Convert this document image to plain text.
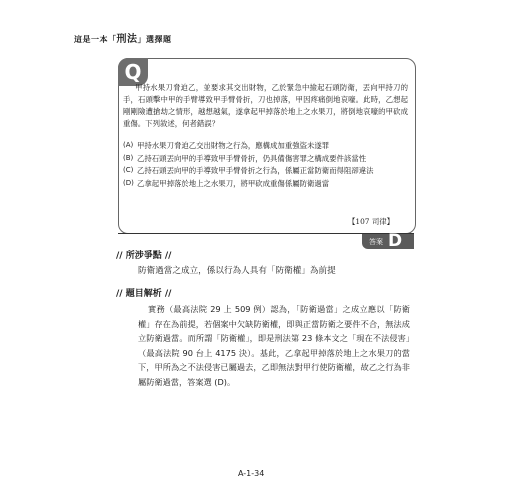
這是一本「刑法」選擇題
Q
甲持水果刀脅迫乙，並要求其交出財物，乙於緊急中撿起石頭防衛，丟向甲持刀的手，石頭擊中甲的手臂導致甲手臂骨折，刀也掉落，甲因疼痛倒地哀嚎。此時，乙想起剛剛險遭搶劫之情形，越想越氣，遂拿起甲掉落於地上之水果刀，將倒地哀嚎的甲砍成重傷。下列敘述，何者錯誤？
(A) 甲持水果刀脅迫乙交出財物之行為，應構成加重強盜未遂罪
(B) 乙持石頭丟向甲的手導致甲手臂骨折，仍具備傷害罪之構成要件該當性
(C) 乙持石頭丟向甲的手導致甲手臂骨折之行為，係屬正當防衛而得阻卻違法
(D) 乙拿起甲掉落於地上之水果刀，將甲砍成重傷係屬防衛過當
【107 司律】
答案 D
// 所涉爭點 //
防衛過當之成立，係以行為人具有「防衛權」為前提
// 題目解析 //
實務（最高法院 29 上 509 例）認為，「防衛過當」之成立應以「防衛權」存在為前提，若個案中欠缺防衛權，即與正當防衛之要件不合，無法成立防衛過當。而所謂「防衛權」，即是刑法第 23 條本文之「現在不法侵害」（最高法院 90 台上 4175 決）。基此，乙拿起甲掉落於地上之水果刀的當下，甲所為之不法侵害已屬過去，乙即無法對甲行使防衛權，故乙之行為非屬防衛過當，答案選 (D)。
A-1-34
